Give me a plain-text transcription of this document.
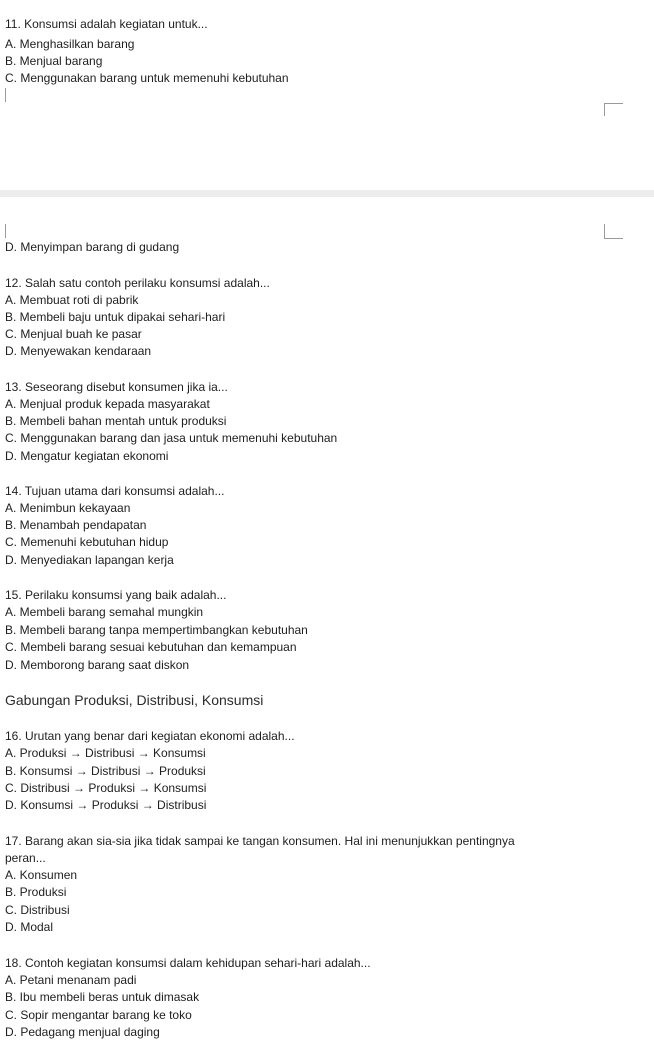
11. Konsumsi adalah kegiatan untuk...
A. Menghasilkan barang
B. Menjual barang
C. Menggunakan barang untuk memenuhi kebutuhan
D. Menyimpan barang di gudang
12. Salah satu contoh perilaku konsumsi adalah...
A. Membuat roti di pabrik
B. Membeli baju untuk dipakai sehari-hari
C. Menjual buah ke pasar
D. Menyewakan kendaraan
13. Seseorang disebut konsumen jika ia...
A. Menjual produk kepada masyarakat
B. Membeli bahan mentah untuk produksi
C. Menggunakan barang dan jasa untuk memenuhi kebutuhan
D. Mengatur kegiatan ekonomi
14. Tujuan utama dari konsumsi adalah...
A. Menimbun kekayaan
B. Menambah pendapatan
C. Memenuhi kebutuhan hidup
D. Menyediakan lapangan kerja
15. Perilaku konsumsi yang baik adalah...
A. Membeli barang semahal mungkin
B. Membeli barang tanpa mempertimbangkan kebutuhan
C. Membeli barang sesuai kebutuhan dan kemampuan
D. Memborong barang saat diskon
Gabungan Produksi, Distribusi, Konsumsi
16. Urutan yang benar dari kegiatan ekonomi adalah...
A. Produksi → Distribusi → Konsumsi
B. Konsumsi → Distribusi → Produksi
C. Distribusi → Produksi → Konsumsi
D. Konsumsi → Produksi → Distribusi
17. Barang akan sia-sia jika tidak sampai ke tangan konsumen. Hal ini menunjukkan pentingnya
peran...
A. Konsumen
B. Produksi
C. Distribusi
D. Modal
18. Contoh kegiatan konsumsi dalam kehidupan sehari-hari adalah...
A. Petani menanam padi
B. Ibu membeli beras untuk dimasak
C. Sopir mengantar barang ke toko
D. Pedagang menjual daging
